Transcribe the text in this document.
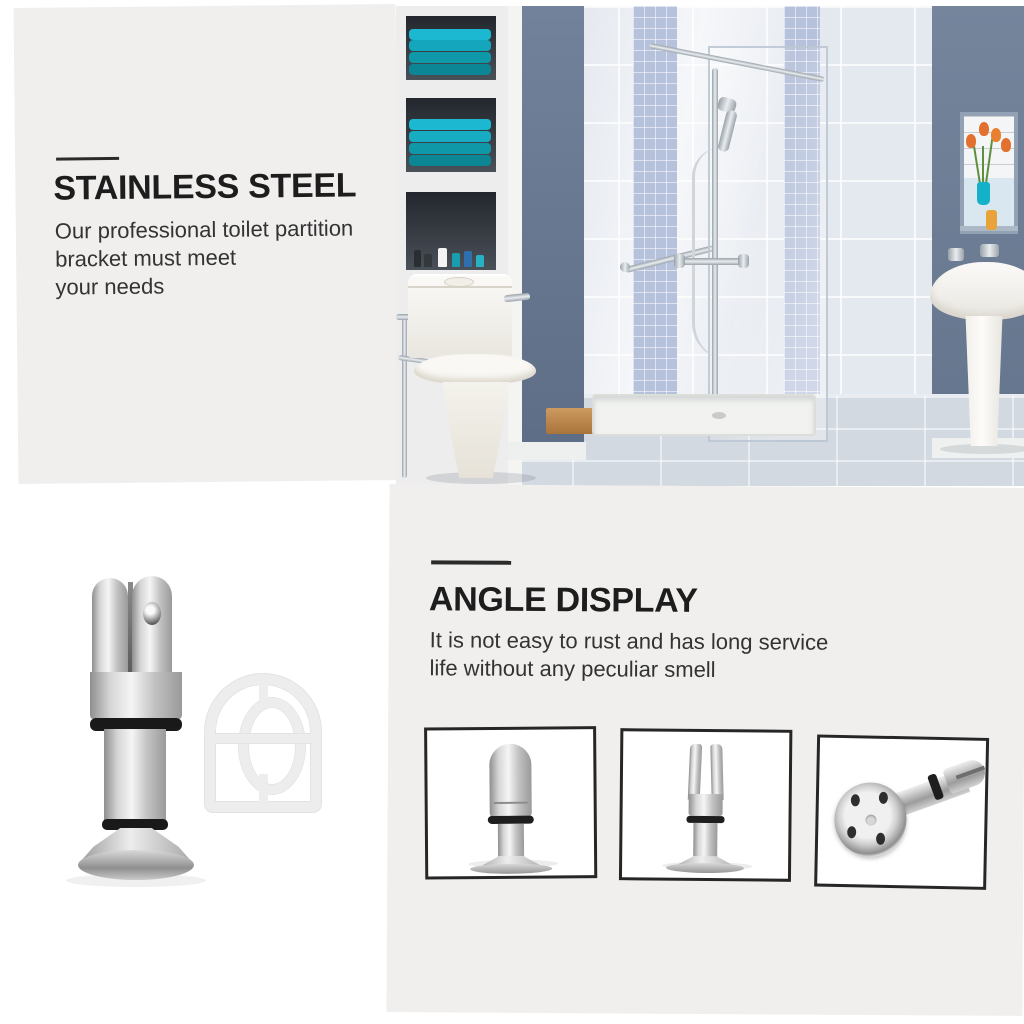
STAINLESS STEEL
Our professional toilet partition
bracket must meet
your needs
ANGLE DISPLAY
It is not easy to rust and has long service
life without any peculiar smell
